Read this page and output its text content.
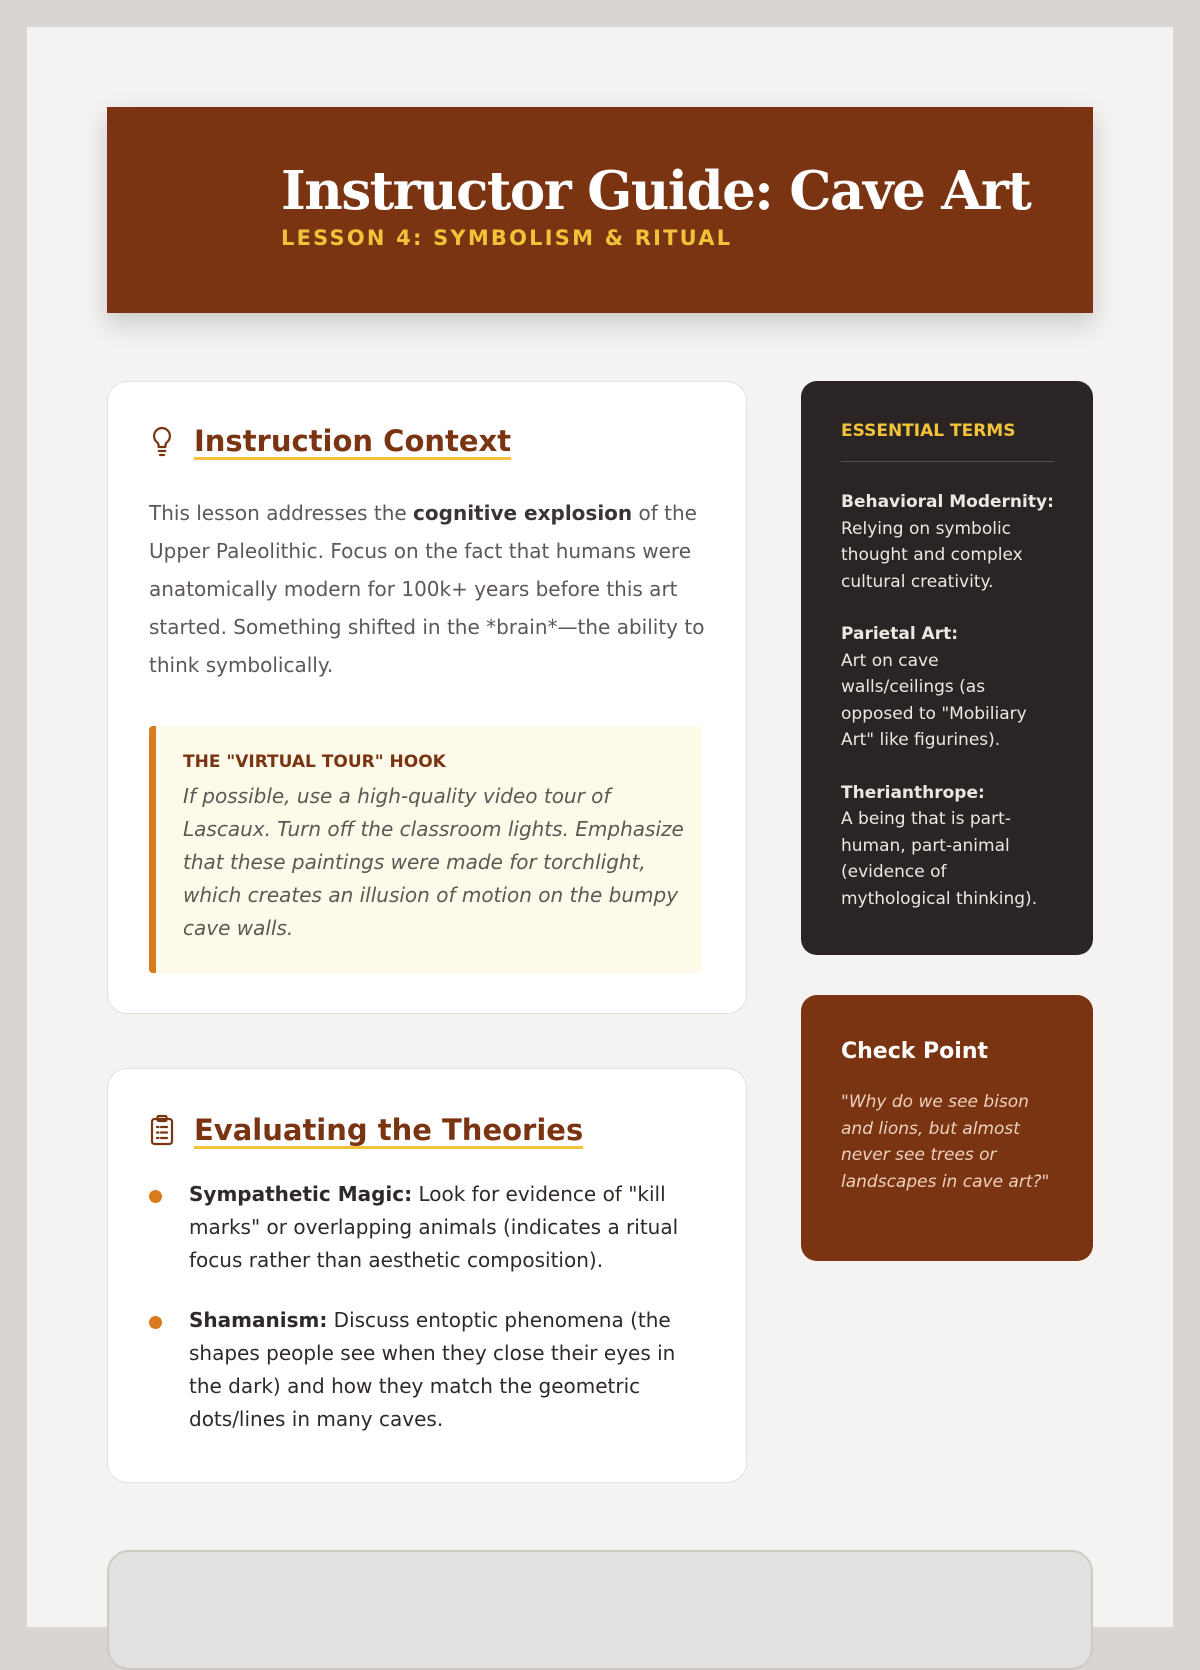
Instructor Guide: Cave Art
LESSON 4: SYMBOLISM & RITUAL
Instruction Context

This lesson addresses the cognitive explosion of the Upper Paleolithic. Focus on the fact that humans were anatomically modern for 100k+ years before this art started. Something shifted in the *brain*—the ability to think symbolically.

THE "VIRTUAL TOUR" HOOK

If possible, use a high-quality video tour of Lascaux. Turn off the classroom lights. Emphasize that these paintings were made for torchlight, which creates an illusion of motion on the bumpy cave walls.

Evaluating the Theories
Sympathetic Magic: Look for evidence of "kill marks" or overlapping animals (indicates a ritual focus rather than aesthetic composition).
Shamanism: Discuss entoptic phenomena (the shapes people see when they close their eyes in the dark) and how they match the geometric dots/lines in many caves.
ESSENTIAL TERMS
Behavioral Modernity:
Relying on symbolic thought and complex cultural creativity.
Parietal Art:
Art on cave walls/ceilings (as opposed to "Mobiliary Art" like figurines).
Therianthrope:
A being that is part-human, part-animal (evidence of mythological thinking).
Check Point

"Why do we see bison and lions, but almost never see trees or landscapes in cave art?"
